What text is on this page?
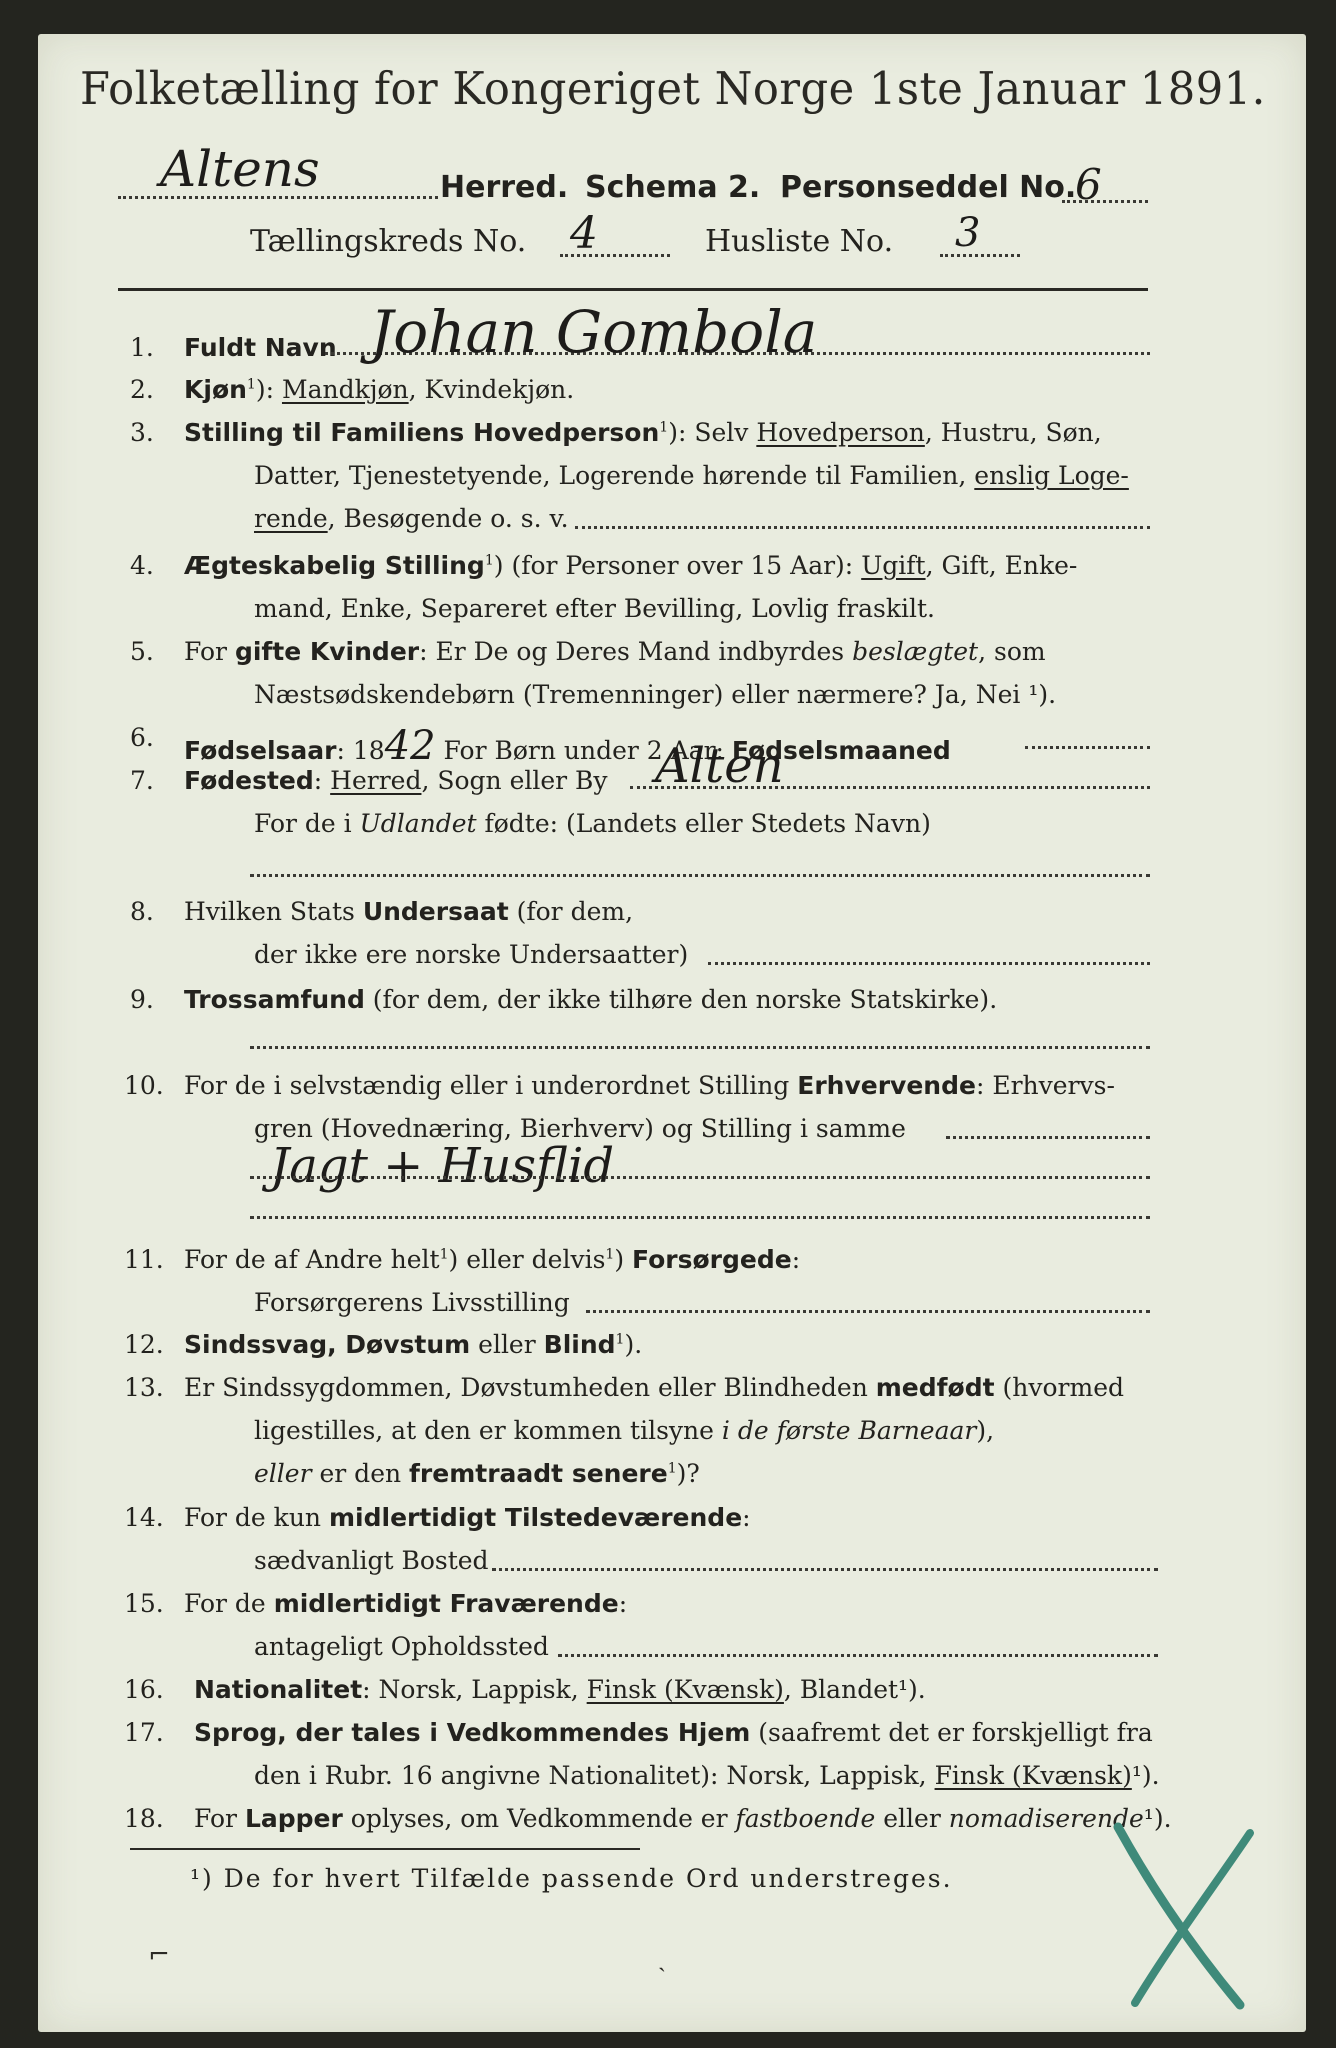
Folketælling for Kongeriget Norge 1ste Januar 1891.
Altens	Herred. Schema 2. Personseddel No.
6
Tællingskreds No. 4	Husliste No. 3
1. Fuldt Navn Johan Gombola
2. Kjøn$^1$): Mandkjøn, Kvindekjøn.
3. Stilling til Familiens Hovedperson$^1$): Selv Hovedperson, Hustru, Søn,
Datter, Tjenestetyende, Logerende hørende til Familien, enslig Loge-
rende, Besøgende o. s. v.
4. Ægteskabelig Stilling$^1$) (for Personer over 15 Aar): Ugift, Gift, Enke-
mand, Enke, Separeret efter Bevilling, Lovlig fraskilt.
5. For gifte Kvinder: Er De og Deres Mand indbyrdes beslægtet, som
Næstsødskendebørn (Tremenninger) eller nærmere? Ja, Nei ¹).
6. Fødselsaar: 1842 For Børn under 2 Aar: Fødselsmaaned
7. Fødested: Herred, Sogn eller By Alten
For de i Udlandet fødte: (Landets eller Stedets Navn)
8. Hvilken Stats Undersaat (for dem,
der ikke ere norske Undersaatter)
9. Trossamfund (for dem, der ikke tilhøre den norske Statskirke).
10. For de i selvstændig eller i underordnet Stilling Erhvervende: Erhvervs-
gren (Hovednæring, Bierhverv) og Stilling i samme
Jagt + Husflid
11. For de af Andre helt$^1$) eller delvis$^1$) Forsørgede:
Forsørgerens Livsstilling
12. Sindssvag, Døvstum eller Blind$^1$).
13. Er Sindssygdommen, Døvstumheden eller Blindheden medfødt (hvormed
ligestilles, at den er kommen tilsyne i de første Barneaar),
eller er den fremtraadt senere$^1$)?
14. For de kun midlertidigt Tilstedeværende:
sædvanligt Bosted
15. For de midlertidigt Fraværende:
antageligt Opholdssted
16. Nationalitet: Norsk, Lappisk, Finsk (Kvænsk), Blandet¹).
17. Sprog, der tales i Vedkommendes Hjem (saafremt det er forskjelligt fra
den i Rubr. 16 angivne Nationalitet): Norsk, Lappisk, Finsk (Kvænsk)¹).
18. For Lapper oplyses, om Vedkommende er fastboende eller nomadiserende¹).
¹) De for hvert Tilfælde passende Ord understreges.
⌐	ˎ
